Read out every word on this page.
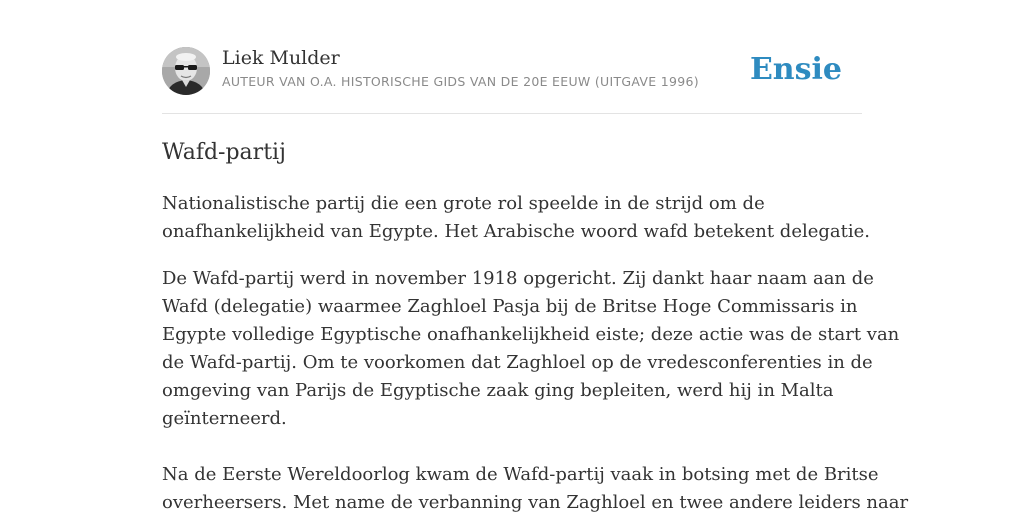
Liek Mulder
AUTEUR VAN O.A. HISTORISCHE GIDS VAN DE 20E EEUW (UITGAVE 1996) Ensie
Wafd-partij

Nationalistische partij die een grote rol speelde in de strijd om de
onafhankelijkheid van Egypte. Het Arabische woord wafd betekent delegatie.

De Wafd-partij werd in november 1918 opgericht. Zij dankt haar naam aan de
Wafd (delegatie) waarmee Zaghloel Pasja bij de Britse Hoge Commissaris in
Egypte volledige Egyptische onafhankelijkheid eiste; deze actie was de start van
de Wafd-partij. Om te voorkomen dat Zaghloel op de vredesconferenties in de
omgeving van Parijs de Egyptische zaak ging bepleiten, werd hij in Malta
geïnterneerd.

Na de Eerste Wereldoorlog kwam de Wafd-partij vaak in botsing met de Britse
overheersers. Met name de verbanning van Zaghloel en twee andere leiders naar
